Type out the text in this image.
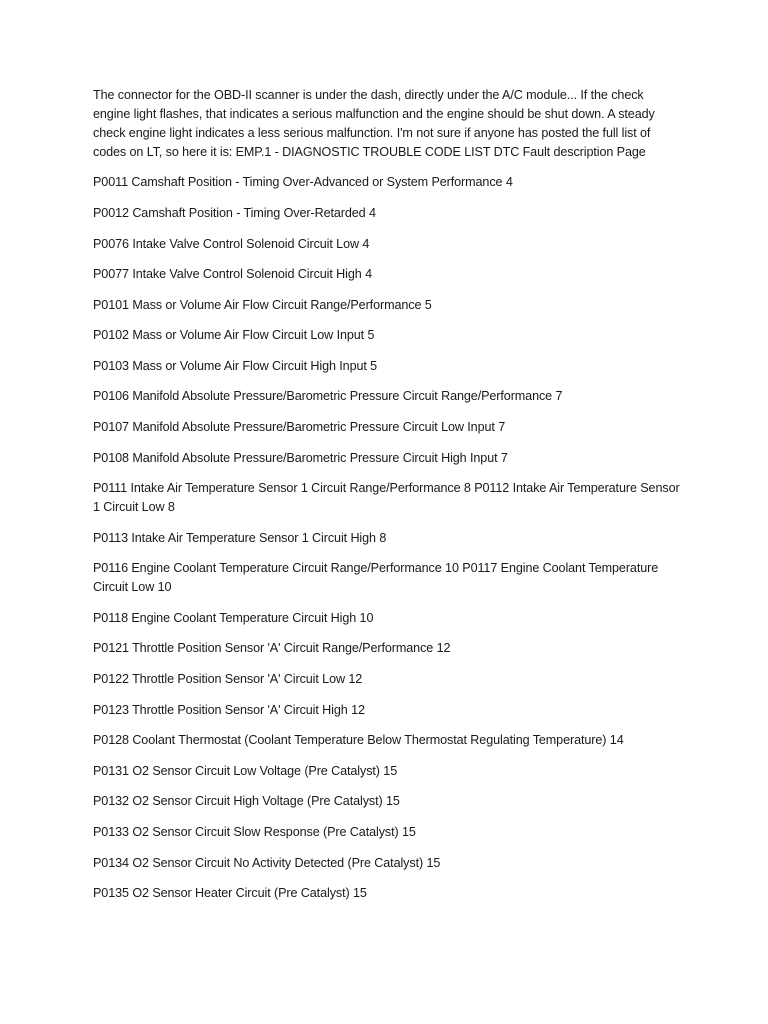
The connector for the OBD-II scanner is under the dash, directly under the A/C module... If the check engine light flashes, that indicates a serious malfunction and the engine should be shut down. A steady check engine light indicates a less serious malfunction. I'm not sure if anyone has posted the full list of codes on LT, so here it is: EMP.1 - DIAGNOSTIC TROUBLE CODE LIST DTC Fault description Page

P0011 Camshaft Position - Timing Over-Advanced or System Performance 4
P0012 Camshaft Position - Timing Over-Retarded 4
P0076 Intake Valve Control Solenoid Circuit Low 4
P0077 Intake Valve Control Solenoid Circuit High 4
P0101 Mass or Volume Air Flow Circuit Range/Performance 5
P0102 Mass or Volume Air Flow Circuit Low Input 5
P0103 Mass or Volume Air Flow Circuit High Input 5
P0106 Manifold Absolute Pressure/Barometric Pressure Circuit Range/Performance 7
P0107 Manifold Absolute Pressure/Barometric Pressure Circuit Low Input 7
P0108 Manifold Absolute Pressure/Barometric Pressure Circuit High Input 7
P0111 Intake Air Temperature Sensor 1 Circuit Range/Performance 8 P0112 Intake Air Temperature Sensor 1 Circuit Low 8
P0113 Intake Air Temperature Sensor 1 Circuit High 8
P0116 Engine Coolant Temperature Circuit Range/Performance 10 P0117 Engine Coolant Temperature Circuit Low 10
P0118 Engine Coolant Temperature Circuit High 10
P0121 Throttle Position Sensor 'A' Circuit Range/Performance 12
P0122 Throttle Position Sensor 'A' Circuit Low 12
P0123 Throttle Position Sensor 'A' Circuit High 12
P0128 Coolant Thermostat (Coolant Temperature Below Thermostat Regulating Temperature) 14
P0131 O2 Sensor Circuit Low Voltage (Pre Catalyst) 15
P0132 O2 Sensor Circuit High Voltage (Pre Catalyst) 15
P0133 O2 Sensor Circuit Slow Response (Pre Catalyst) 15
P0134 O2 Sensor Circuit No Activity Detected (Pre Catalyst) 15
P0135 O2 Sensor Heater Circuit (Pre Catalyst) 15
